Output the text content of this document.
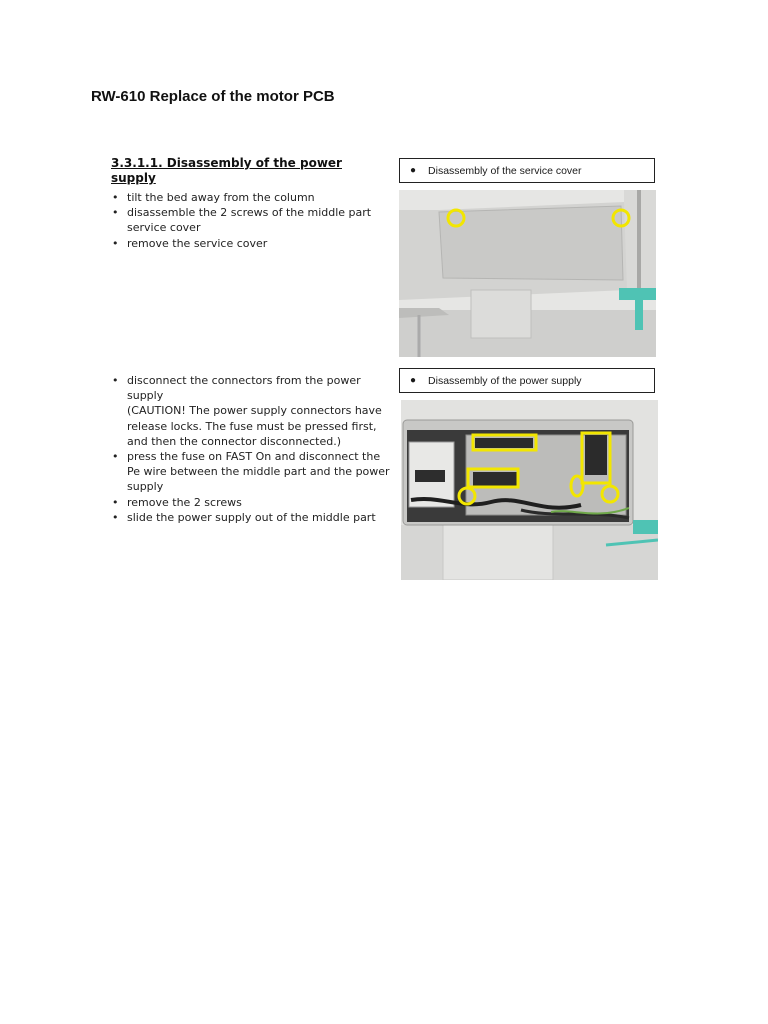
RW-610 Replace of the motor PCB
3.3.1.1. Disassembly of the power supply
• tilt the bed away from the column
• disassemble the 2 screws of the middle part service cover
• remove the service cover
• disconnect the connectors from the power supply
(CAUTION! The power supply connectors have release locks. The fuse must be pressed first, and then the connector disconnected.)
• press the fuse on FAST On and disconnect the Pe wire between the middle part and the power supply
• remove the 2 screws
• slide the power supply out of the middle part
● Disassembly of the service cover
● Disassembly of the power supply
